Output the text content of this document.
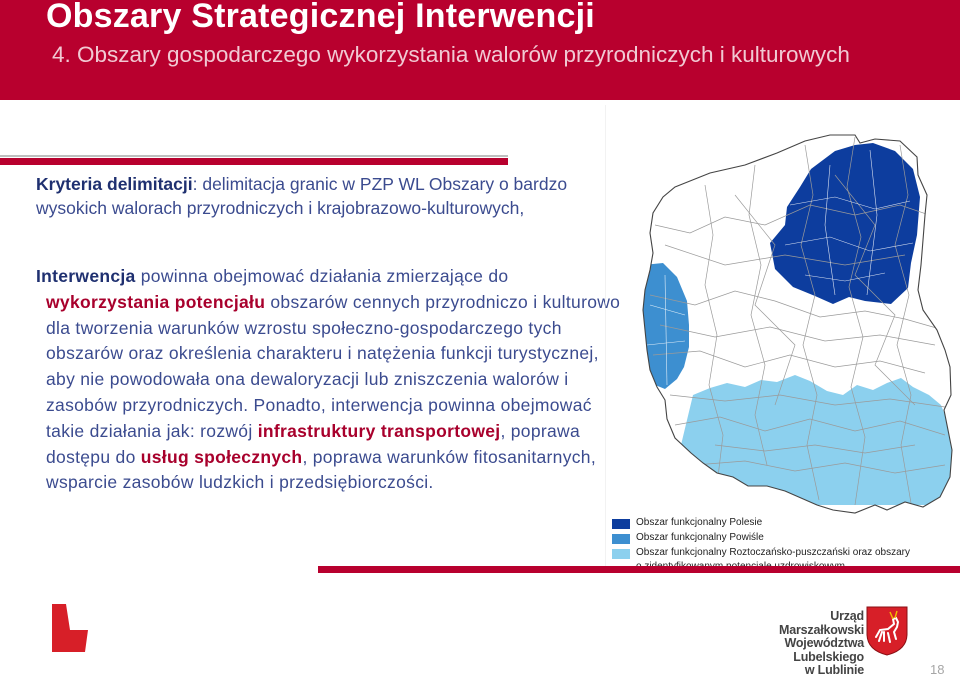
Obszary Strategicznej Interwencji
4. Obszary gospodarczego wykorzystania walorów przyrodniczych i kulturowych
Kryteria delimitacji: delimitacja granic w PZP WL Obszary o bardzo wysokich walorach przyrodniczych i krajobrazowo-kulturowych,
Interwencja powinna obejmować działania zmierzające do wykorzystania potencjału obszarów cennych przyrodniczo i kulturowo dla tworzenia warunków wzrostu społeczno-gospodarczego tych obszarów oraz określenia charakteru i natężenia funkcji turystycznej, aby nie powodowała ona dewaloryzacji lub zniszczenia walorów i zasobów przyrodniczych. Ponadto, interwencja powinna obejmować takie działania jak: rozwój infrastruktury transportowej, poprawa dostępu do usług społecznych, poprawa warunków fitosanitarnych, wsparcie zasobów ludzkich i przedsiębiorczości.
Obszar funkcjonalny Polesie
Obszar funkcjonalny Powiśle
Obszar funkcjonalny Roztoczańsko-puszczański oraz obszary
Urząd Marszałkowski
Województwa Lubelskiego
w Lublinie	18
